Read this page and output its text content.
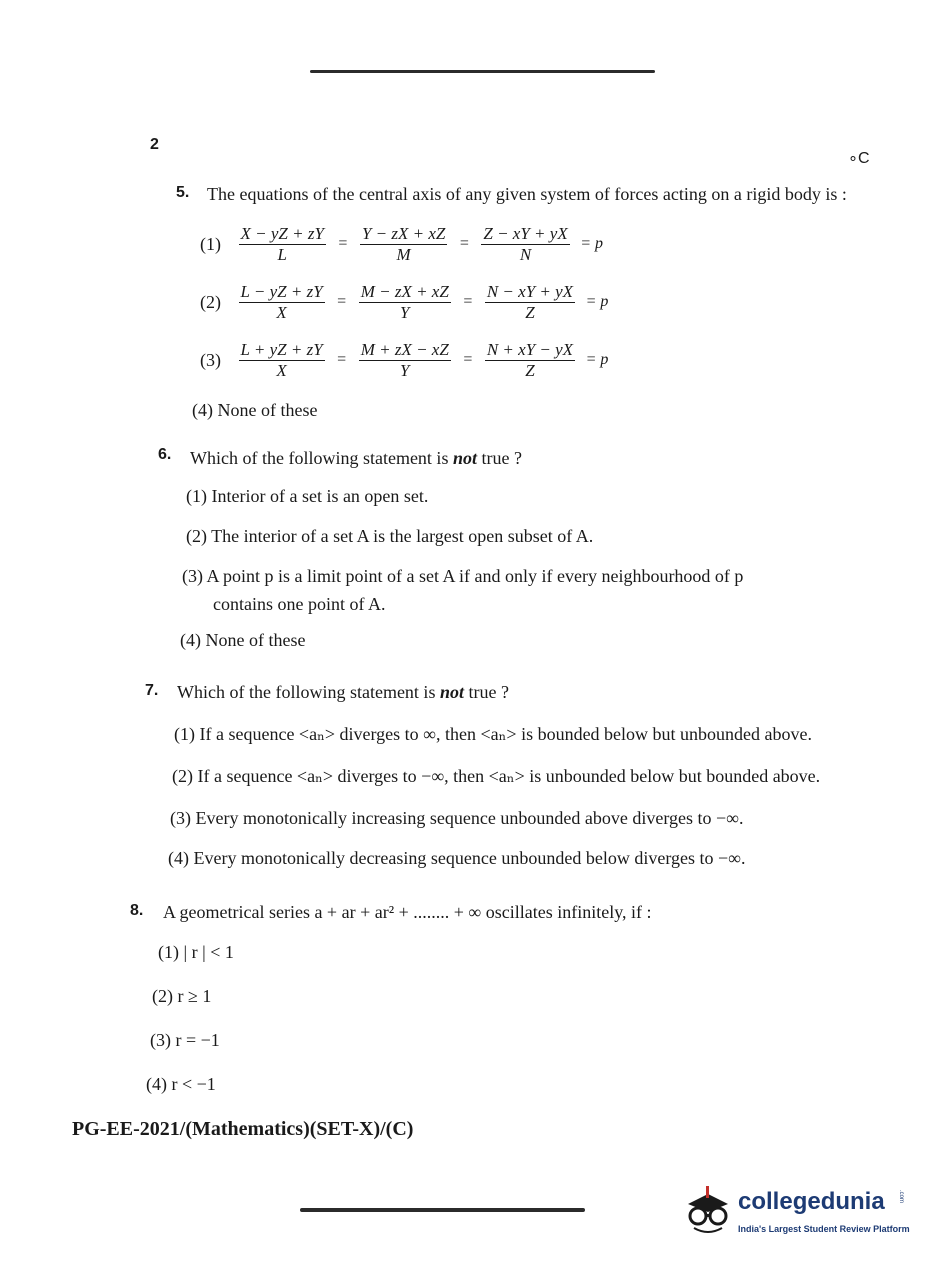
2
∘C
5. The equations of the central axis of any given system of forces acting on a rigid body is :
$(1) \frac{X - yZ + zY}{L} = \frac{Y - zX + xZ}{M} = \frac{Z - xY + yX}{N} = p$
$(2) \frac{L - yZ + zY}{X} = \frac{M - zX + xZ}{Y} = \frac{N - xY + yX}{Z} = p$
$(3) \frac{L + yZ + zY}{X} = \frac{M + zX - xZ}{Y} = \frac{N + xY - yX}{Z} = p$
(4) None of these
6. Which of the following statement is not true ?
(1) Interior of a set is an open set.
(2) The interior of a set A is the largest open subset of A.
(3) A point p is a limit point of a set A if and only if every neighbourhood of p
contains one point of A.
(4) None of these
7. Which of the following statement is not true ?
(1) If a sequence <aₙ> diverges to ∞, then <aₙ> is bounded below but unbounded above.
(2) If a sequence <aₙ> diverges to −∞, then <aₙ> is unbounded below but bounded above.
(3) Every monotonically increasing sequence unbounded above diverges to −∞.
(4) Every monotonically decreasing sequence unbounded below diverges to −∞.
8. A geometrical series a + ar + ar² + ........ + ∞ oscillates infinitely, if :
(1) | r | < 1
(2) r ≥ 1
(3) r = −1
(4) r < −1
PG-EE-2021/(Mathematics)(SET-X)/(C)
collegedunia .com
India's Largest Student Review Platform
